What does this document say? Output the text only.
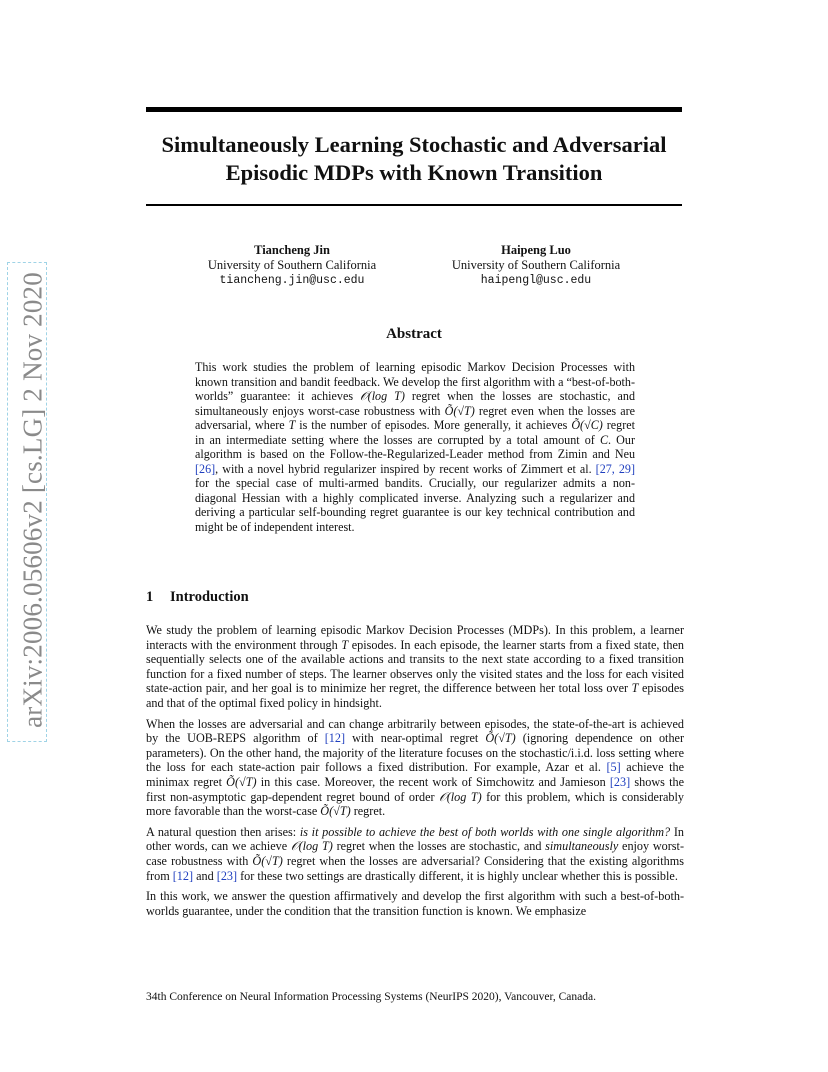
arXiv:2006.05606v2 [cs.LG] 2 Nov 2020
Simultaneously Learning Stochastic and Adversarial
Episodic MDPs with Known Transition
Tiancheng Jin
University of Southern California
tiancheng.jin@usc.edu
Haipeng Luo
University of Southern California
haipengl@usc.edu
Abstract

This work studies the problem of learning episodic Markov Decision Processes with known transition and bandit feedback. We develop the first algorithm with a “best-of-both-worlds” guarantee: it achieves 𝒪(log T) regret when the losses are stochastic, and simultaneously enjoys worst-case robustness with Õ(√T) regret even when the losses are adversarial, where T is the number of episodes. More generally, it achieves Õ(√C) regret in an intermediate setting where the losses are corrupted by a total amount of C. Our algorithm is based on the Follow-the-Regularized-Leader method from Zimin and Neu [26], with a novel hybrid regularizer inspired by recent works of Zimmert et al. [27, 29] for the special case of multi-armed bandits. Crucially, our regularizer admits a non-diagonal Hessian with a highly complicated inverse. Analyzing such a regularizer and deriving a particular self-bounding regret guarantee is our key technical contribution and might be of independent interest.

1 Introduction

We study the problem of learning episodic Markov Decision Processes (MDPs). In this problem, a learner interacts with the environment through T episodes. In each episode, the learner starts from a fixed state, then sequentially selects one of the available actions and transits to the next state according to a fixed transition function for a fixed number of steps. The learner observes only the visited states and the loss for each visited state-action pair, and her goal is to minimize her regret, the difference between her total loss over T episodes and that of the optimal fixed policy in hindsight.

When the losses are adversarial and can change arbitrarily between episodes, the state-of-the-art is achieved by the UOB-REPS algorithm of [12] with near-optimal regret Õ(√T) (ignoring dependence on other parameters). On the other hand, the majority of the literature focuses on the stochastic/i.i.d. loss setting where the loss for each state-action pair follows a fixed distribution. For example, Azar et al. [5] achieve the minimax regret Õ(√T) in this case. Moreover, the recent work of Simchowitz and Jamieson [23] shows the first non-asymptotic gap-dependent regret bound of order 𝒪(log T) for this problem, which is considerably more favorable than the worst-case Õ(√T) regret.

A natural question then arises: is it possible to achieve the best of both worlds with one single algorithm? In other words, can we achieve 𝒪(log T) regret when the losses are stochastic, and simultaneously enjoy worst-case robustness with Õ(√T) regret when the losses are adversarial? Considering that the existing algorithms from [12] and [23] for these two settings are drastically different, it is highly unclear whether this is possible.

In this work, we answer the question affirmatively and develop the first algorithm with such a best-of-both-worlds guarantee, under the condition that the transition function is known. We emphasize

34th Conference on Neural Information Processing Systems (NeurIPS 2020), Vancouver, Canada.
